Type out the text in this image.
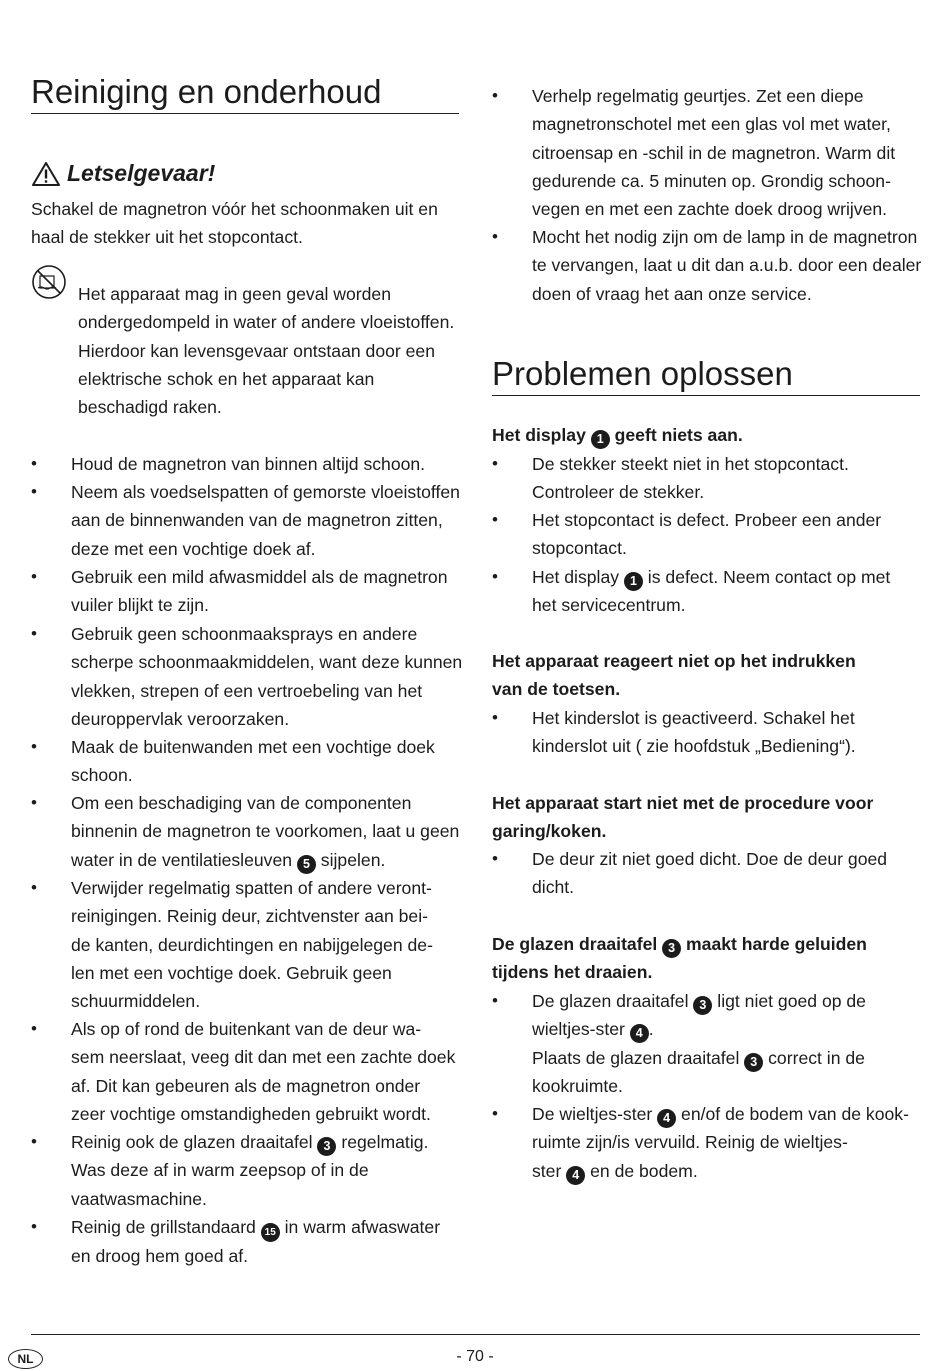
Reiniging en onderhoud
Letselgevaar!
Schakel de magnetron vóór het schoonmaken uit en
haal de stekker uit het stopcontact.
Het apparaat mag in geen geval worden
ondergedompeld in water of andere vloeistoffen.
Hierdoor kan levensgevaar ontstaan door een
elektrische schok en het apparaat kan
beschadigd raken.
• Houd de magnetron van binnen altijd schoon.
• Neem als voedselspatten of gemorste vloeistoffen
aan de binnenwanden van de magnetron zitten,
deze met een vochtige doek af.
• Gebruik een mild afwasmiddel als de magnetron
vuiler blijkt te zijn.
• Gebruik geen schoonmaaksprays en andere
scherpe schoonmaakmiddelen, want deze kunnen
vlekken, strepen of een vertroebeling van het
deuroppervlak veroorzaken.
• Maak de buitenwanden met een vochtige doek
schoon.
• Om een beschadiging van de componenten
binnenin de magnetron te voorkomen, laat u geen
water in de ventilatiesleuven 5 sijpelen.
• Verwijder regelmatig spatten of andere veront-
reinigingen. Reinig deur, zichtvenster aan bei-
de kanten, deurdichtingen en nabijgelegen de-
len met een vochtige doek. Gebruik geen
schuurmiddelen.
• Als op of rond de buitenkant van de deur wa-
sem neerslaat, veeg dit dan met een zachte doek
af. Dit kan gebeuren als de magnetron onder
zeer vochtige omstandigheden gebruikt wordt.
• Reinig ook de glazen draaitafel 3 regelmatig.
Was deze af in warm zeepsop of in de
vaatwasmachine.
• Reinig de grillstandaard 15 in warm afwaswater
en droog hem goed af.
• Verhelp regelmatig geurtjes. Zet een diepe
magnetronschotel met een glas vol met water,
citroensap en -schil in de magnetron. Warm dit
gedurende ca. 5 minuten op. Grondig schoon-
vegen en met een zachte doek droog wrijven.
• Mocht het nodig zijn om de lamp in de magnetron
te vervangen, laat u dit dan a.u.b. door een dealer
doen of vraag het aan onze service.
Problemen oplossen
Het display 1 geeft niets aan.
• De stekker steekt niet in het stopcontact.
Controleer de stekker.
• Het stopcontact is defect. Probeer een ander
stopcontact.
• Het display 1 is defect. Neem contact op met
het servicecentrum.
Het apparaat reageert niet op het indrukken
van de toetsen.
• Het kinderslot is geactiveerd. Schakel het
kinderslot uit ( zie hoofdstuk „Bediening“).
Het apparaat start niet met de procedure voor
garing/koken.
• De deur zit niet goed dicht. Doe de deur goed
dicht.
De glazen draaitafel 3 maakt harde geluiden
tijdens het draaien.
• De glazen draaitafel 3 ligt niet goed op de
wieltjes-ster 4 .
Plaats de glazen draaitafel 3 correct in de
kookruimte.
• De wieltjes-ster 4 en/of de bodem van de kook-
ruimte zijn/is vervuild. Reinig de wieltjes-
ster 4 en de bodem.
NL	- 70 -
